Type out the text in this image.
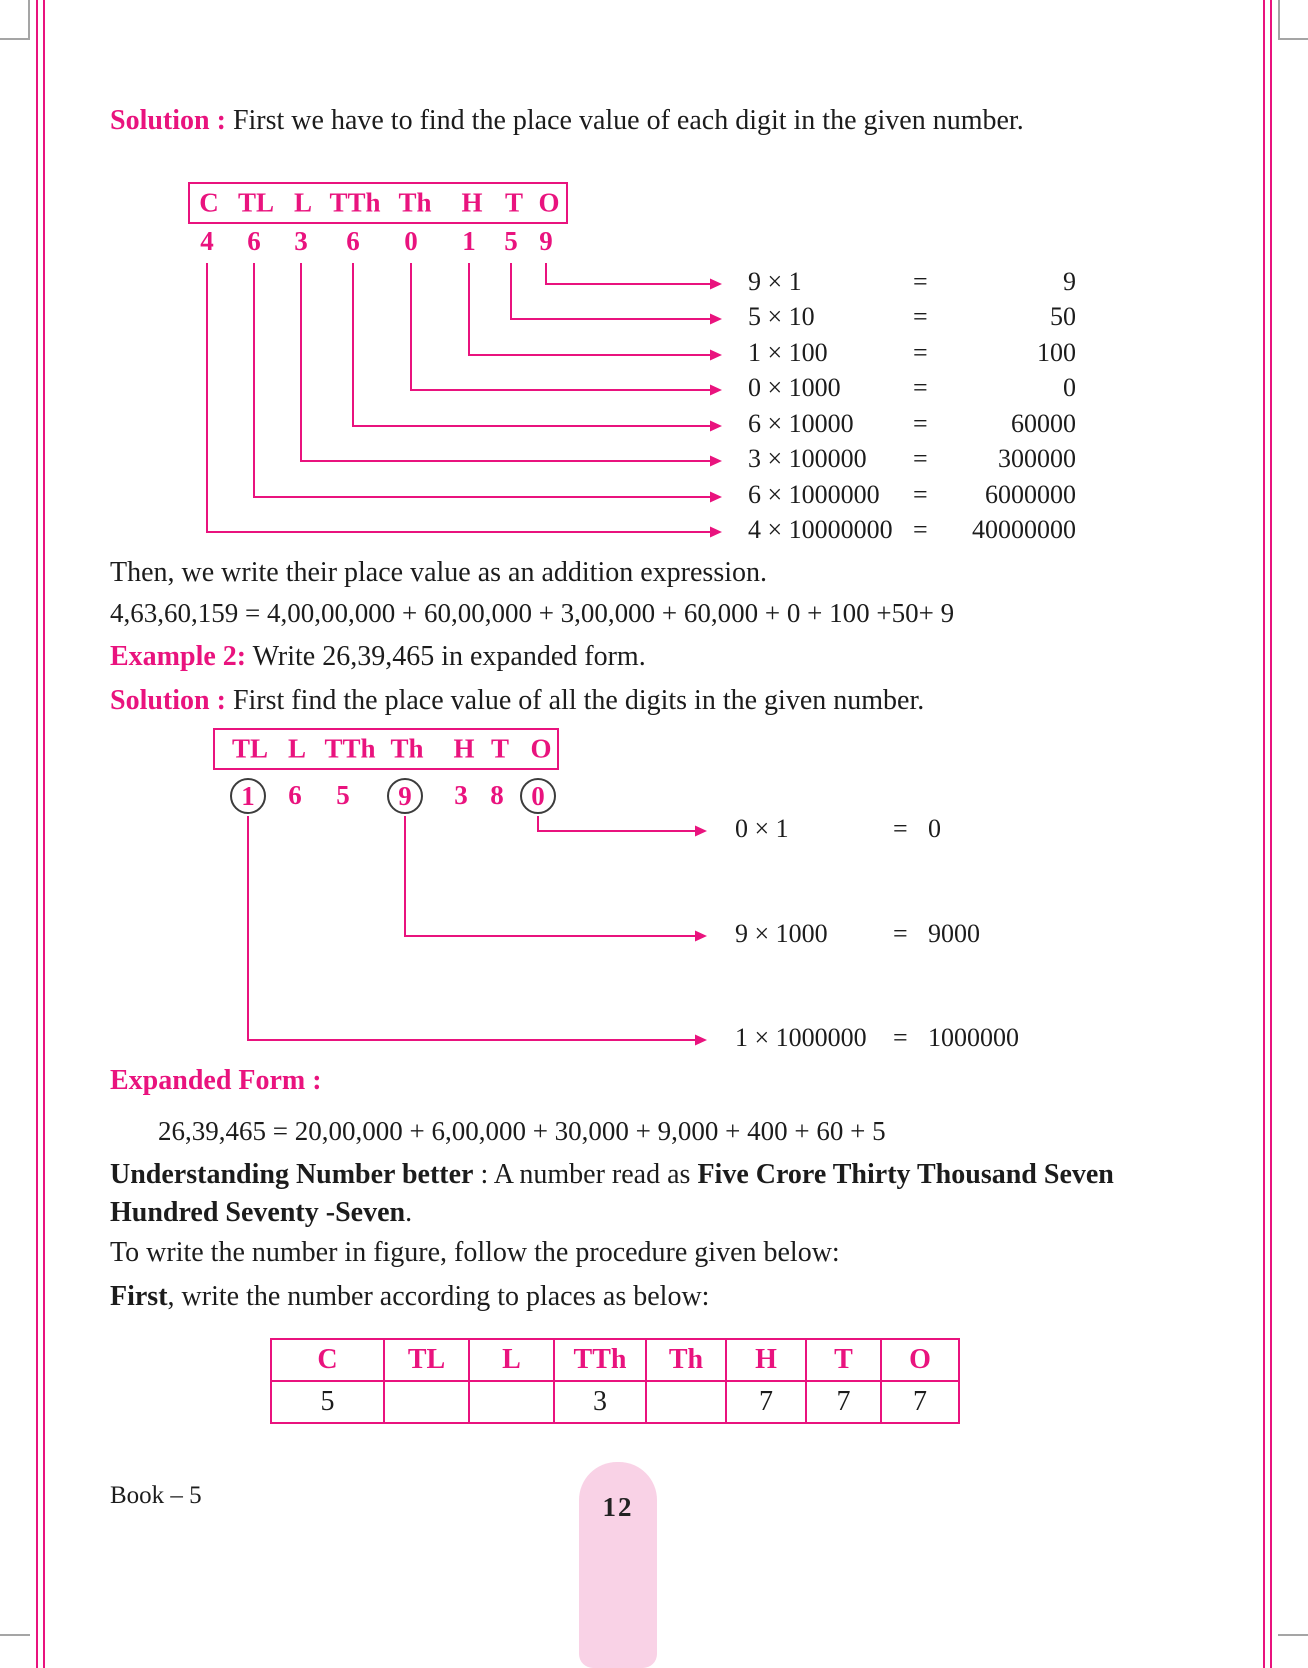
Solution : First we have to find the place value of each digit in the given number.

C TL L TTh Th H T O
4 6 3 6 0 1 5 9
9 × 1	=	9
5 × 10	=	50
1 × 100	=	100
0 × 1000	=	0
6 × 10000 =	60000
3 × 100000 =	300000
6 × 1000000 = 6000000
4 × 10000000 = 40000000

Then, we write their place value as an addition expression.

4,63,60,159 = 4,00,00,000 + 60,00,000 + 3,00,000 + 60,000 + 0 + 100 +50+ 9

Example 2: Write 26,39,465 in expanded form.

Solution : First find the place value of all the digits in the given number.

TL L TTh Th H T O
1	6 5	9	3 8	0
0 × 1	= 0
9 × 1000	= 9000
1 × 1000000 = 1000000

Expanded Form :

26,39,465 = 20,00,000 + 6,00,000 + 30,000 + 9,000 + 400 + 60 + 5

Understanding Number better : A number read as Five Crore Thirty Thousand Seven Hundred Seventy -Seven.

To write the number in figure, follow the procedure given below:

First, write the number according to places as below:

C	TL	L	TTh	Th	H	T	O
5			3		7	7	7
Book – 5	12
